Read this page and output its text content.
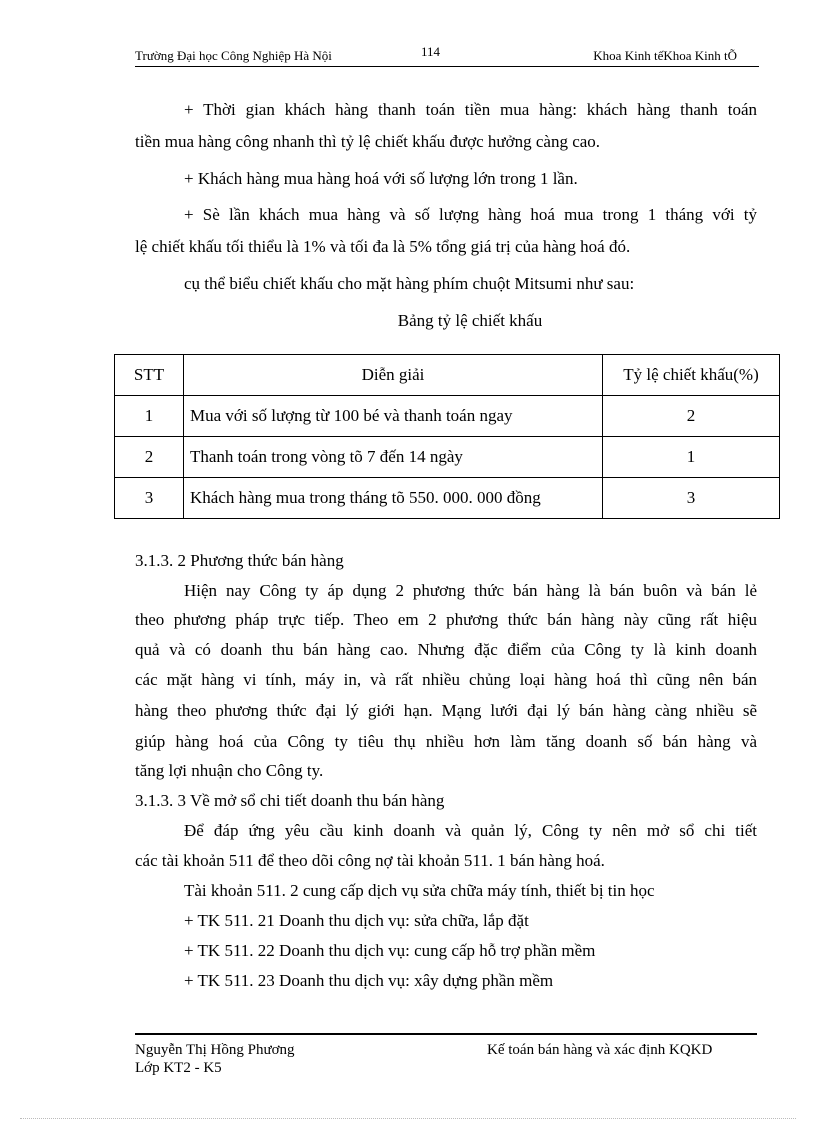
Trường Đại học Công Nghiệp Hà Nội	114	Khoa Kinh tếKhoa Kinh tÕ
+ Thời gian khách hàng thanh toán tiền mua hàng: khách hàng thanh toán
tiền mua hàng công nhanh thì tỷ lệ chiết khấu được hưởng càng cao.
+ Khách hàng mua hàng hoá với số lượng lớn trong 1 lần.
+ Sè lần khách mua hàng và số lượng hàng hoá mua trong 1 tháng với tỷ
lệ chiết khấu tối thiểu là 1% và tối đa là 5% tổng giá trị của hàng hoá đó.
cụ thể biểu chiết khấu cho mặt hàng phím chuột Mitsumi như sau:
Bảng tỷ lệ chiết khấu
STT	Diễn giải	Tỷ lệ chiết khấu(%)
1	Mua với số lượng từ 100 bé và thanh toán ngay	2
2	Thanh toán trong vòng tõ 7 đến 14 ngày	1
3	Khách hàng mua trong tháng tõ 550. 000. 000 đồng	3
3.1.3. 2 Phương thức bán hàng
Hiện nay Công ty áp dụng 2 phương thức bán hàng là bán buôn và bán lẻ
theo phương pháp trực tiếp. Theo em 2 phương thức bán hàng này cũng rất hiệu
quả và có doanh thu bán hàng cao. Nhưng đặc điểm của Công ty là kinh doanh
các mặt hàng vi tính, máy in, và rất nhiều chủng loại hàng hoá thì cũng nên bán
hàng theo phương thức đại lý giới hạn. Mạng lưới đại lý bán hàng càng nhiều sẽ
giúp hàng hoá của Công ty tiêu thụ nhiều hơn làm tăng doanh số bán hàng và
tăng lợi nhuận cho Công ty.
3.1.3. 3 Về mở sổ chi tiết doanh thu bán hàng
Để đáp ứng yêu cầu kinh doanh và quản lý, Công ty nên mở sổ chi tiết
các tài khoản 511 để theo dõi công nợ tài khoản 511. 1 bán hàng hoá.
Tài khoản 511. 2 cung cấp dịch vụ sửa chữa máy tính, thiết bị tin học
+ TK 511. 21 Doanh thu dịch vụ: sửa chữa, lắp đặt
+ TK 511. 22 Doanh thu dịch vụ: cung cấp hỗ trợ phần mềm
+ TK 511. 23 Doanh thu dịch vụ: xây dựng phần mềm
Nguyễn Thị Hồng Phương	Kế toán bán hàng và xác định KQKD
Lớp KT2 - K5
